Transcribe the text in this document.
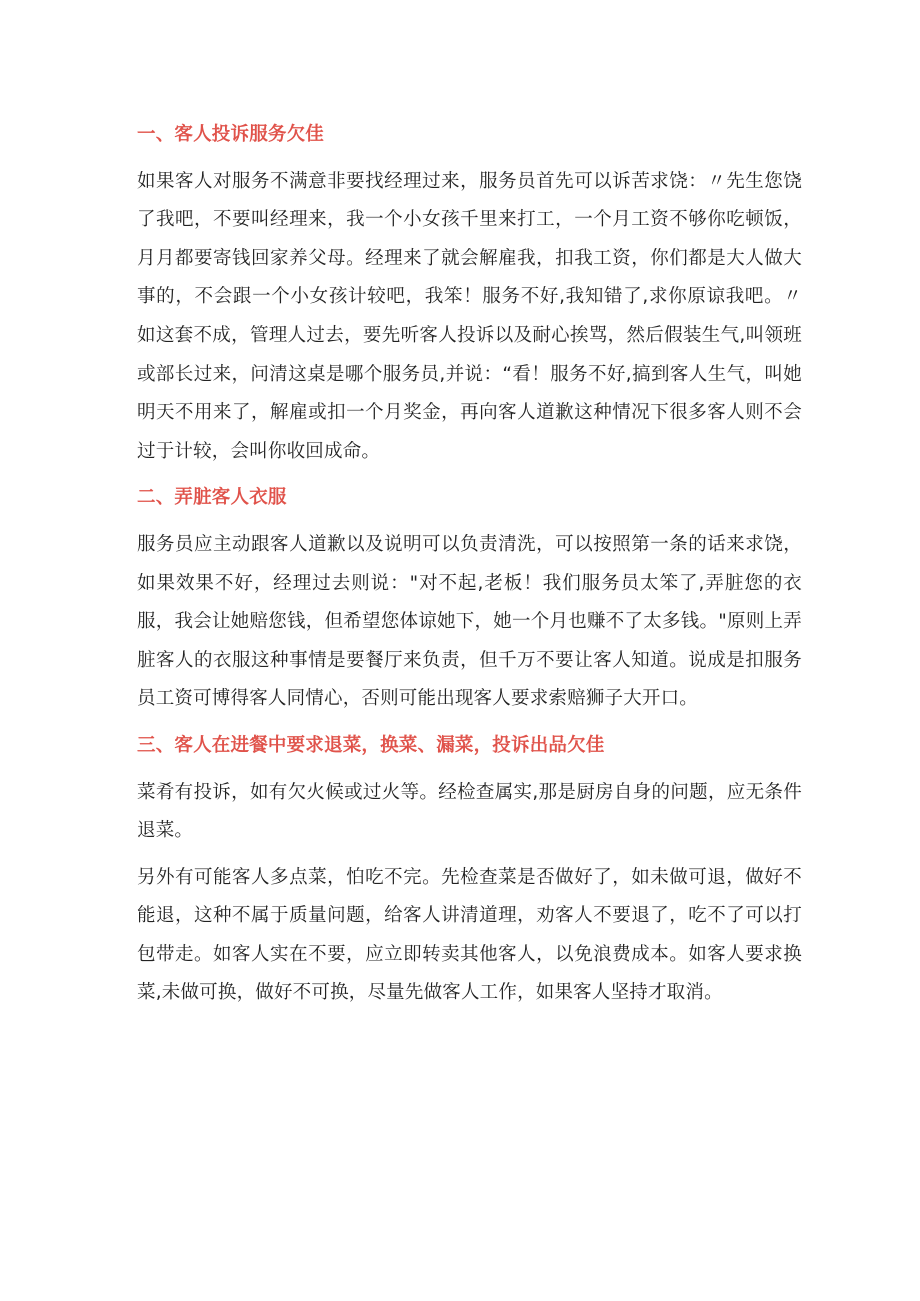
一、客人投诉服务欠佳

如果客人对服务不满意非要找经理过来，服务员首先可以诉苦求饶：〃先生您饶了我吧，不要叫经理来，我一个小女孩千里来打工，一个月工资不够你吃顿饭，月月都要寄钱回家养父母。经理来了就会解雇我，扣我工资，你们都是大人做大事的，不会跟一个小女孩计较吧，我笨！服务不好,我知错了,求你原谅我吧。〃如这套不成，管理人过去，要先听客人投诉以及耐心挨骂，然后假装生气,叫领班或部长过来，问清这桌是哪个服务员,并说：“看！服务不好,搞到客人生气，叫她明天不用来了，解雇或扣一个月奖金，再向客人道歉这种情况下很多客人则不会过于计较，会叫你收回成命。

二、弄脏客人衣服

服务员应主动跟客人道歉以及说明可以负责清洗，可以按照第一条的话来求饶，如果效果不好，经理过去则说："对不起,老板！我们服务员太笨了,弄脏您的衣服，我会让她赔您钱，但希望您体谅她下，她一个月也赚不了太多钱。"原则上弄脏客人的衣服这种事情是要餐厅来负责，但千万不要让客人知道。说成是扣服务员工资可博得客人同情心，否则可能出现客人要求索赔狮子大开口。

三、客人在进餐中要求退菜，换菜、漏菜，投诉出品欠佳

菜肴有投诉，如有欠火候或过火等。经检查属实,那是厨房自身的问题，应无条件退菜。

另外有可能客人多点菜，怕吃不完。先检查菜是否做好了，如未做可退，做好不能退，这种不属于质量问题，给客人讲清道理，劝客人不要退了，吃不了可以打包带走。如客人实在不要，应立即转卖其他客人，以免浪费成本。如客人要求换菜,未做可换，做好不可换，尽量先做客人工作，如果客人坚持才取消。
